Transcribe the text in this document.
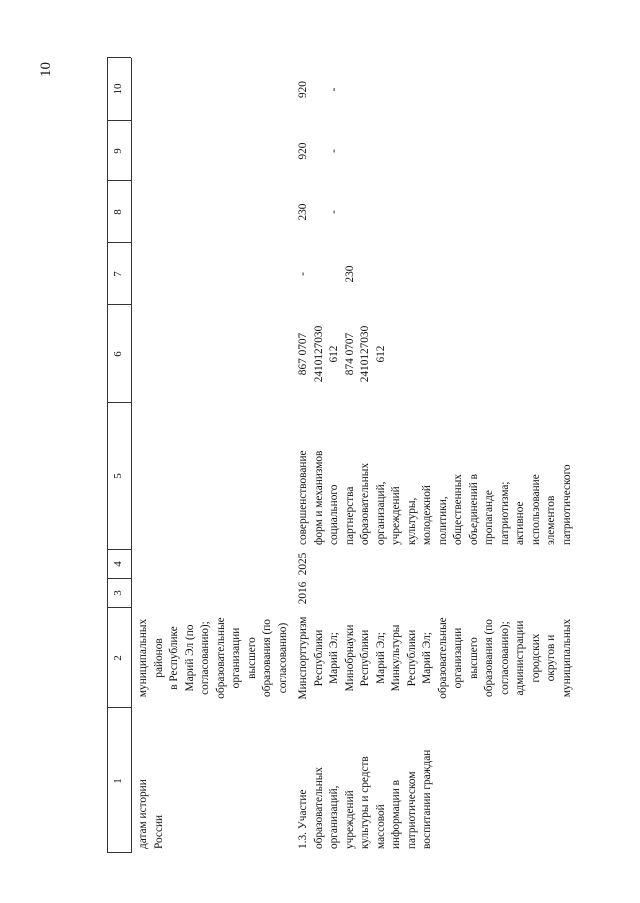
10
1
2
3
4
5
6
7
8
9
10
датам истории России
муниципальных районов в Республике Марий Эл (по согласованию); образовательные организации высшего образования (по согласованию)
1.3. Участие образовательных организаций, учреждений культуры и средств массовой информации в патриотическом воспитании граждан
Минспорттуризм Республики Марий Эл; Минобрнауки Республики Марий Эл; Минкультуры Республики Марий Эл; образовательные организации высшего образования (по согласованию); администрации городских округов и муниципальных
2016
2025
совершенствование форм и механизмов социального партнерства образовательных организаций, учреждений культуры, молодежной политики, общественных объединений в пропаганде патриотизма; активное использование элементов патриотического
867 0707 2410127030 612 874 0707 2410127030 612
-

	230
230
-
920
-
920
-
